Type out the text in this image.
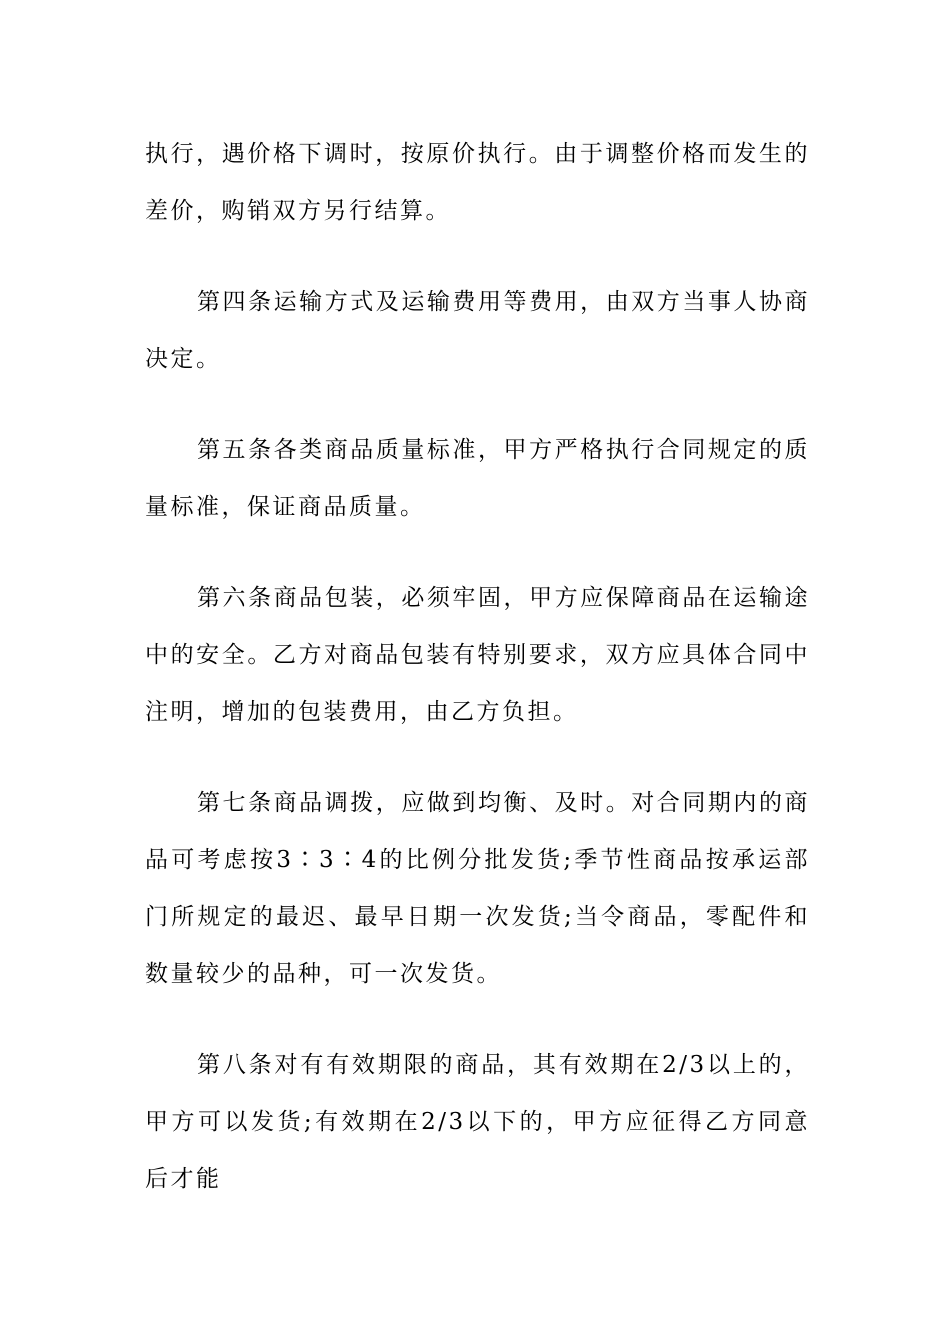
执行，遇价格下调时，按原价执行。由于调整价格而发生的差价，购销双方另行结算。

第四条运输方式及运输费用等费用，由双方当事人协商决定。

第五条各类商品质量标准，甲方严格执行合同规定的质量标准，保证商品质量。

第六条商品包装，必须牢固，甲方应保障商品在运输途中的安全。乙方对商品包装有特别要求，双方应具体合同中注明，增加的包装费用，由乙方负担。

第七条商品调拨，应做到均衡、及时。对合同期内的商品可考虑按3∶3∶4的比例分批发货;季节性商品按承运部门所规定的最迟、最早日期一次发货;当令商品，零配件和数量较少的品种，可一次发货。

第八条对有有效期限的商品，其有效期在2/3以上的，甲方可以发货;有效期在2/3以下的，甲方应征得乙方同意后才能
